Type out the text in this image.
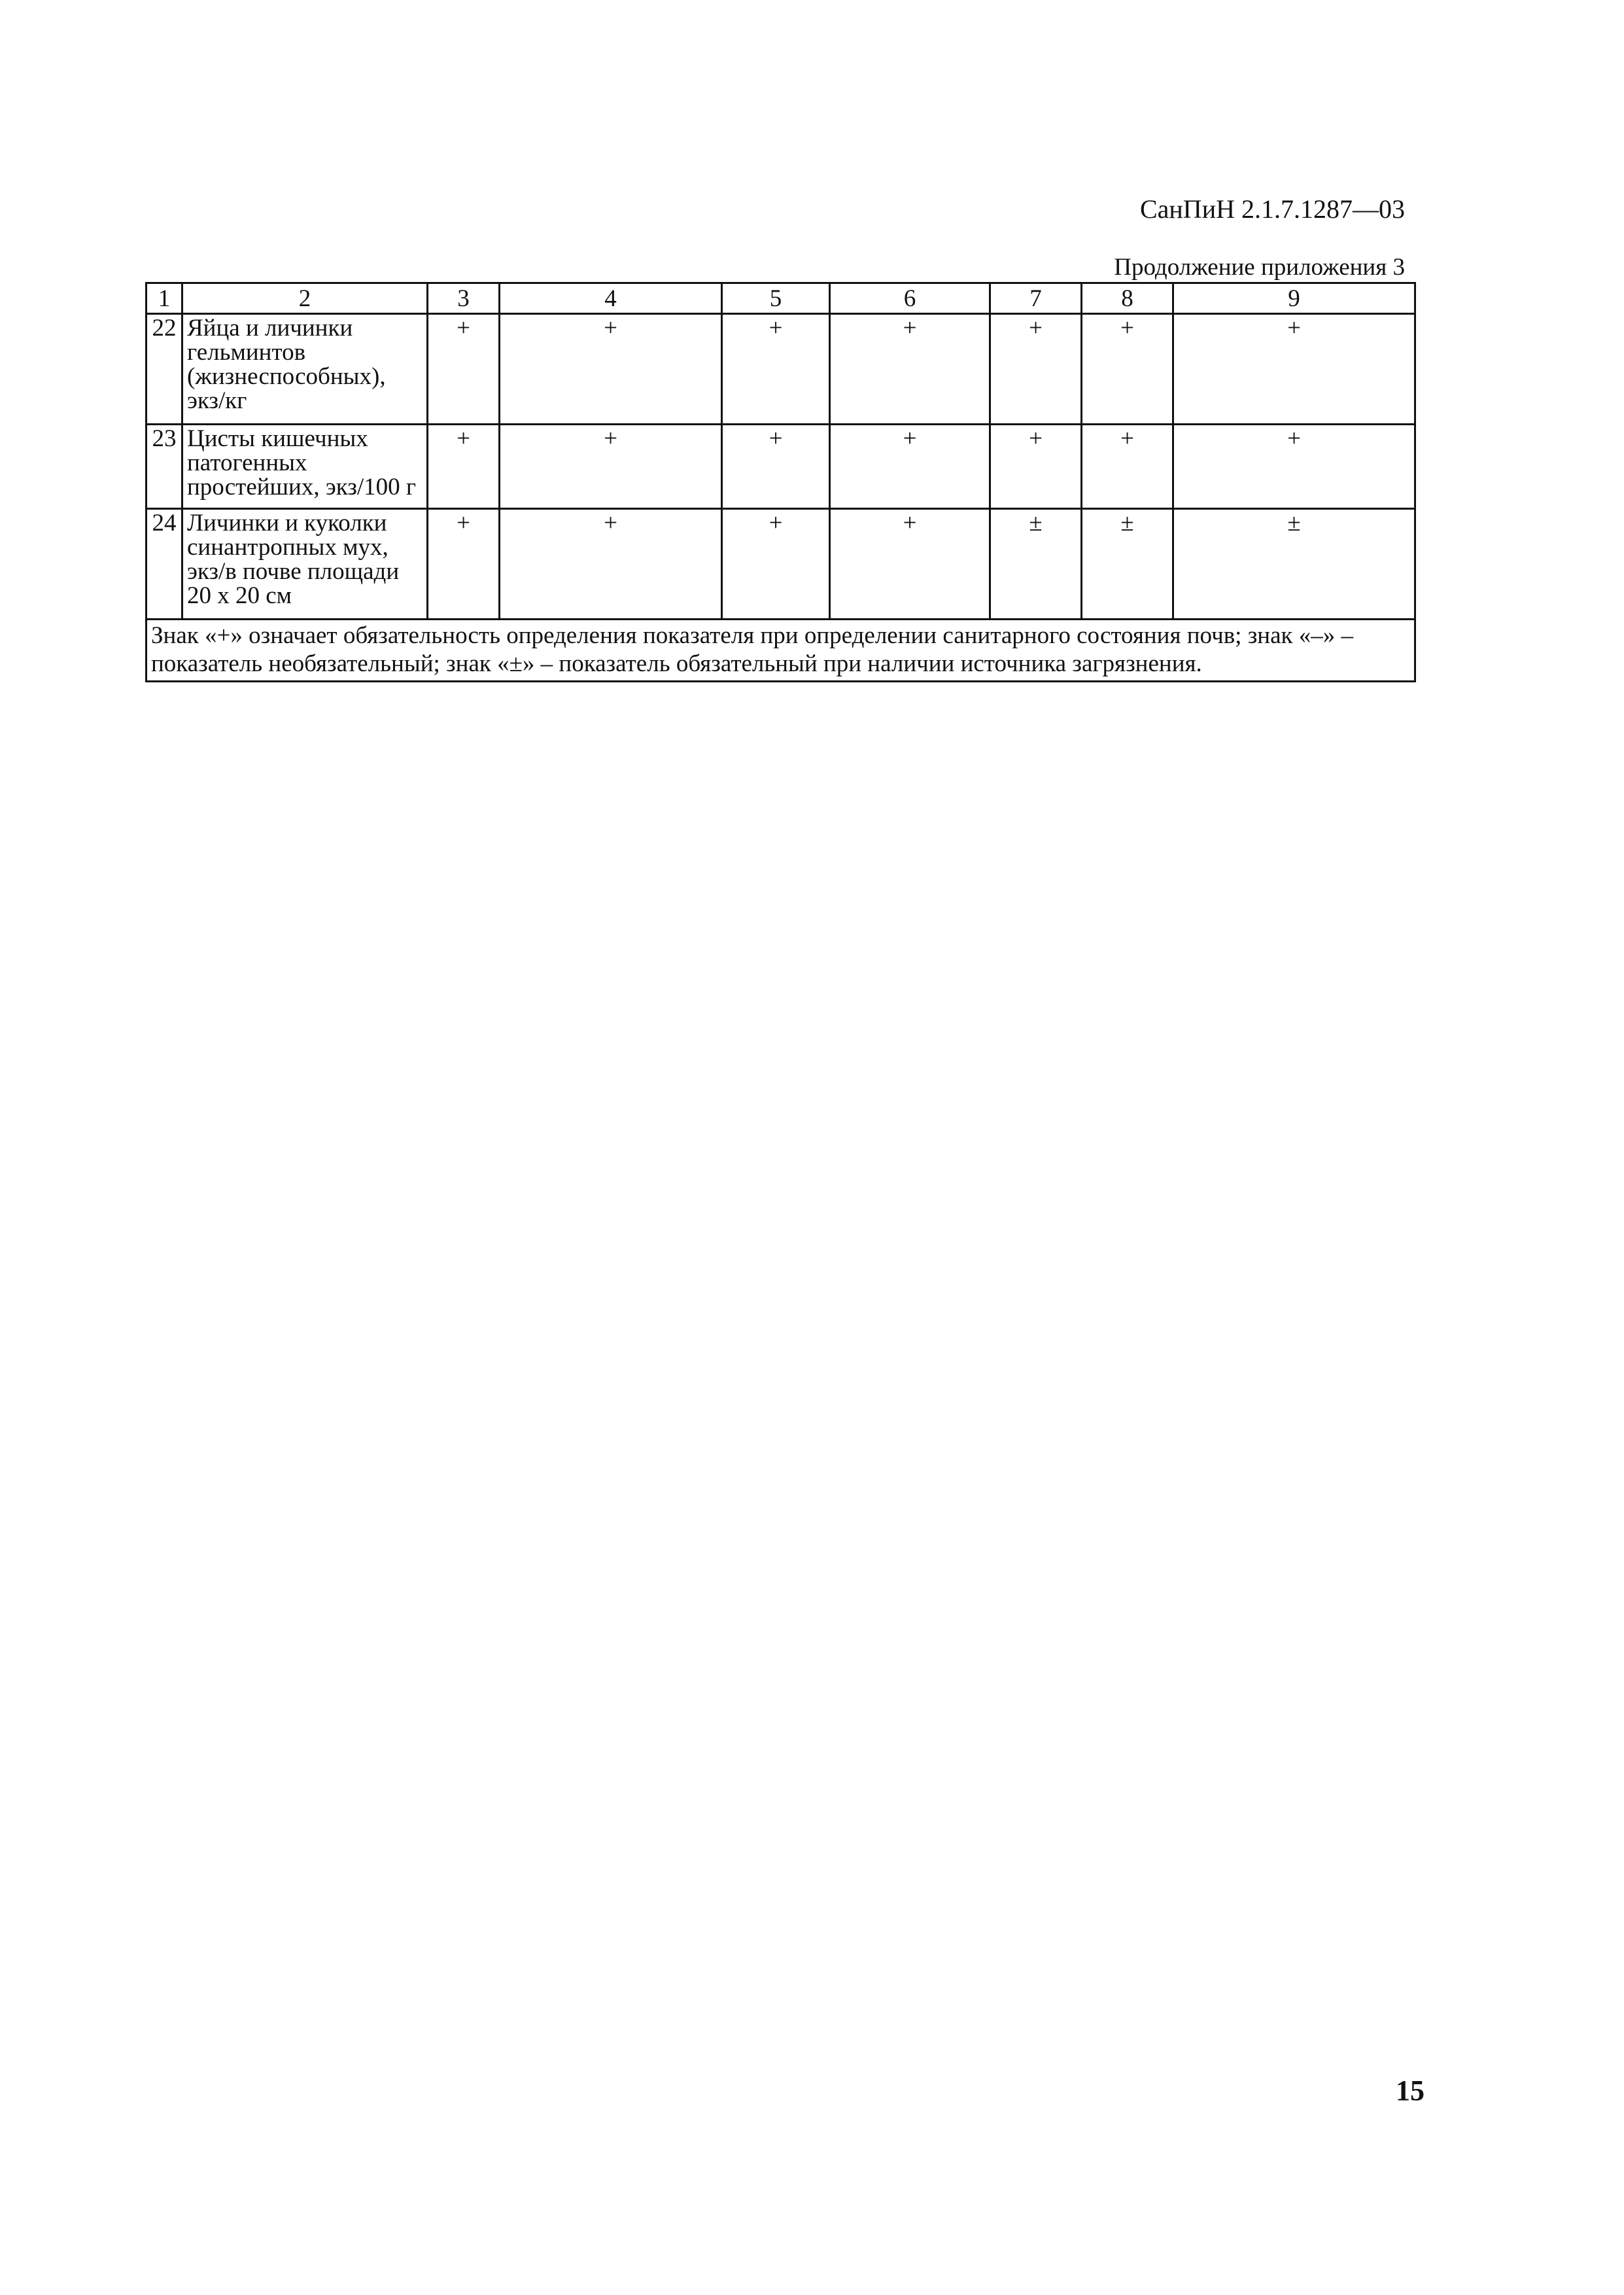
СанПиН 2.1.7.1287—03
Продолжение приложения 3
1	2	3	4	5	6	7	8	9
22	Яйца и личинки гельминтов (жизнеспособных), экз/кг	+	+	+	+	+	+	+
23	Цисты кишечных патогенных простейших, экз/100 г	+	+	+	+	+	+	+
24	Личинки и куколки синантропных мух, экз/в почве площади 20 х 20 см	+	+	+	+	±	±	±
Знак «+» означает обязательность определения показателя при определении санитарного состояния почв; знак «–» – показатель необязательный; знак «±» – показатель обязательный при наличии источника загрязнения.								
15
